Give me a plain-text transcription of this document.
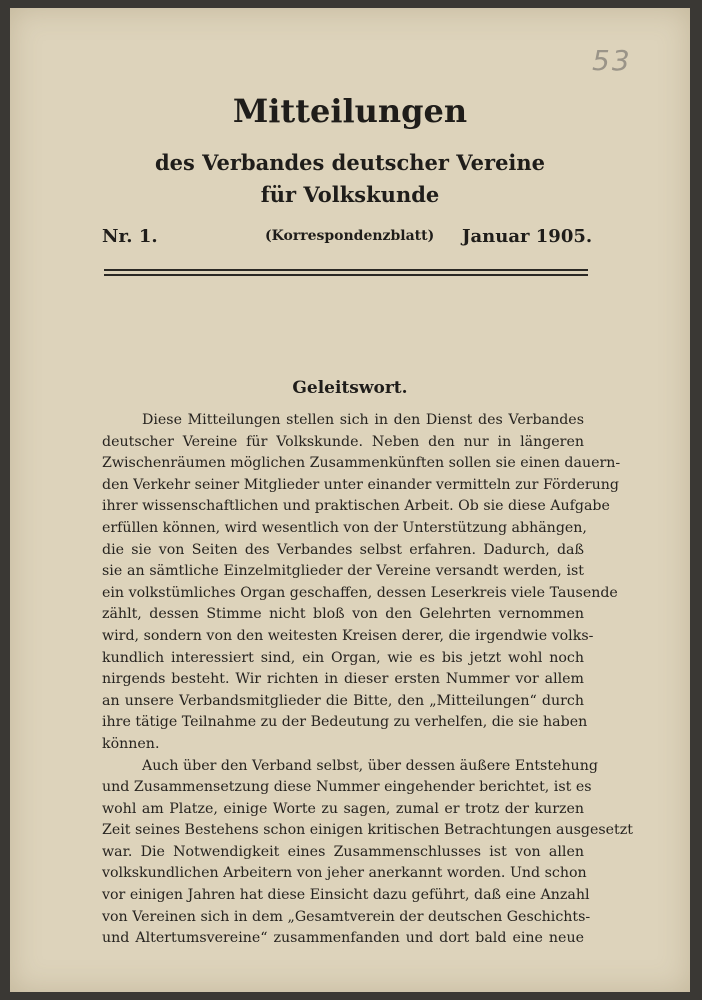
53
Mitteilungen
des Verbandes deutscher Vereine
für Volkskunde
Nr. 1.	(Korrespondenzblatt) Januar 1905.
Geleitswort.
Diese Mitteilungen stellen sich in den Dienst des Verbandes
deutscher Vereine für Volkskunde. Neben den nur in längeren
Zwischenräumen möglichen Zusammenkünften sollen sie einen dauern-
den Verkehr seiner Mitglieder unter einander vermitteln zur Förderung
ihrer wissenschaftlichen und praktischen Arbeit. Ob sie diese Aufgabe
erfüllen können, wird wesentlich von der Unterstützung abhängen,
die sie von Seiten des Verbandes selbst erfahren. Dadurch, daß
sie an sämtliche Einzelmitglieder der Vereine versandt werden, ist
ein volkstümliches Organ geschaffen, dessen Leserkreis viele Tausende
zählt, dessen Stimme nicht bloß von den Gelehrten vernommen
wird, sondern von den weitesten Kreisen derer, die irgendwie volks-
kundlich interessiert sind, ein Organ, wie es bis jetzt wohl noch
nirgends besteht. Wir richten in dieser ersten Nummer vor allem
an unsere Verbandsmitglieder die Bitte, den „Mitteilungen“ durch
ihre tätige Teilnahme zu der Bedeutung zu verhelfen, die sie haben
können.
Auch über den Verband selbst, über dessen äußere Entstehung
und Zusammensetzung diese Nummer eingehender berichtet, ist es
wohl am Platze, einige Worte zu sagen, zumal er trotz der kurzen
Zeit seines Bestehens schon einigen kritischen Betrachtungen ausgesetzt
war. Die Notwendigkeit eines Zusammenschlusses ist von allen
volkskundlichen Arbeitern von jeher anerkannt worden. Und schon
vor einigen Jahren hat diese Einsicht dazu geführt, daß eine Anzahl
von Vereinen sich in dem „Gesamtverein der deutschen Geschichts-
und Altertumsvereine“ zusammenfanden und dort bald eine neue
